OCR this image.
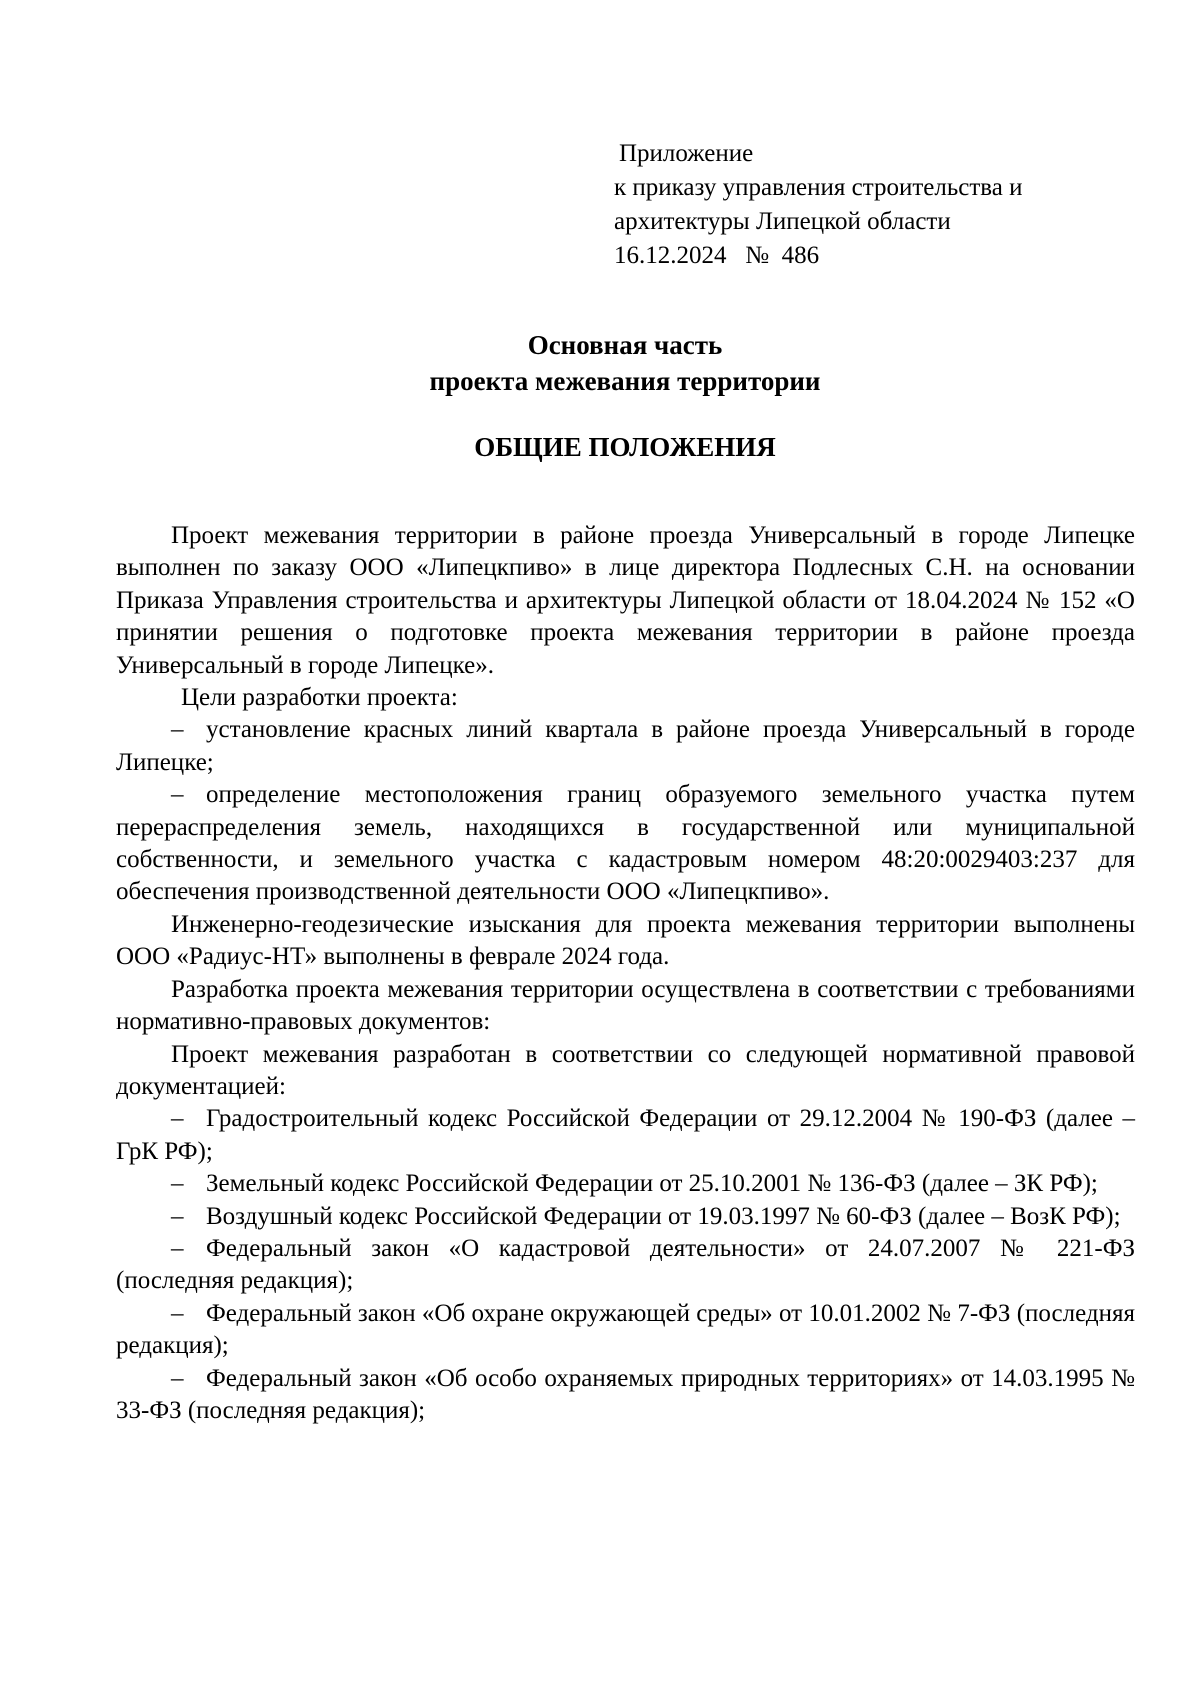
Приложение
к приказу управления строительства и
архитектуры Липецкой области
16.12.2024 № 486
Основная часть
проекта межевания территории
ОБЩИЕ ПОЛОЖЕНИЯ

Проект межевания территории в районе проезда Универсальный в городе Липецке выполнен по заказу ООО «Липецкпиво» в лице директора Подлесных С.Н. на основании Приказа Управления строительства и архитектуры Липецкой области от 18.04.2024 № 152 «О принятии решения о подготовке проекта межевания территории в районе проезда Универсальный в городе Липецке».

Цели разработки проекта:

– установление красных линий квартала в районе проезда Универсальный в городе Липецке;

– определение местоположения границ образуемого земельного участка путем перераспределения земель, находящихся в государственной или муниципальной собственности, и земельного участка с кадастровым номером 48:20:0029403:237 для обеспечения производственной деятельности ООО «Липецкпиво».

Инженерно-геодезические изыскания для проекта межевания территории выполнены ООО «Радиус-НТ» выполнены в феврале 2024 года.

Разработка проекта межевания территории осуществлена в соответствии с требованиями нормативно-правовых документов:

Проект межевания разработан в соответствии со следующей нормативной правовой документацией:

– Градостроительный кодекс Российской Федерации от 29.12.2004 № 190-ФЗ (далее – ГрК РФ);

– Земельный кодекс Российской Федерации от 25.10.2001 № 136-ФЗ (далее – ЗК РФ);

– Воздушный кодекс Российской Федерации от 19.03.1997 № 60-ФЗ (далее – ВозК РФ);

– Федеральный закон «О кадастровой деятельности» от 24.07.2007 № 221-ФЗ (последняя редакция);

– Федеральный закон «Об охране окружающей среды» от 10.01.2002 № 7-ФЗ (последняя редакция);

– Федеральный закон «Об особо охраняемых природных территориях» от 14.03.1995 № 33-ФЗ (последняя редакция);
